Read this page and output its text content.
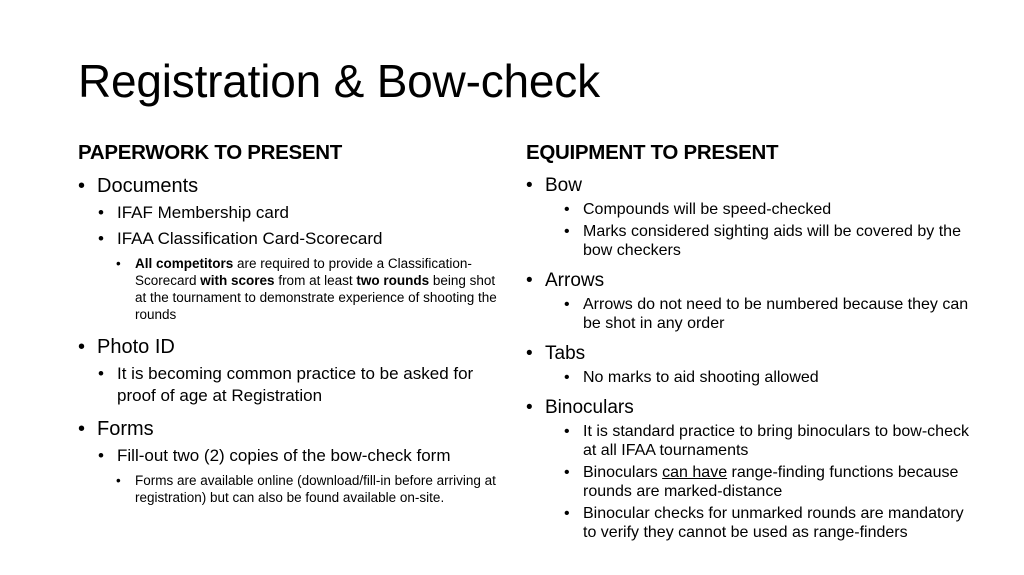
Registration & Bow-check
PAPERWORK TO PRESENT
• Documents
• IFAF Membership card
• IFAA Classification Card-Scorecard
• All competitors are required to provide a Classification-Scorecard with scores from at least two rounds being shot at the tournament to demonstrate experience of shooting the rounds
• Photo ID
• It is becoming common practice to be asked for proof of age at Registration
• Forms
• Fill-out two (2) copies of the bow-check form
• Forms are available online (download/fill-in before arriving at registration) but can also be found available on-site.
EQUIPMENT TO PRESENT
• Bow
• Compounds will be speed-checked
• Marks considered sighting aids will be covered by the bow checkers
• Arrows
• Arrows do not need to be numbered because they can be shot in any order
• Tabs
• No marks to aid shooting allowed
• Binoculars
• It is standard practice to bring binoculars to bow-check at all IFAA tournaments
• Binoculars can have range-finding functions because rounds are marked-distance
• Binocular checks for unmarked rounds are mandatory to verify they cannot be used as range-finders
